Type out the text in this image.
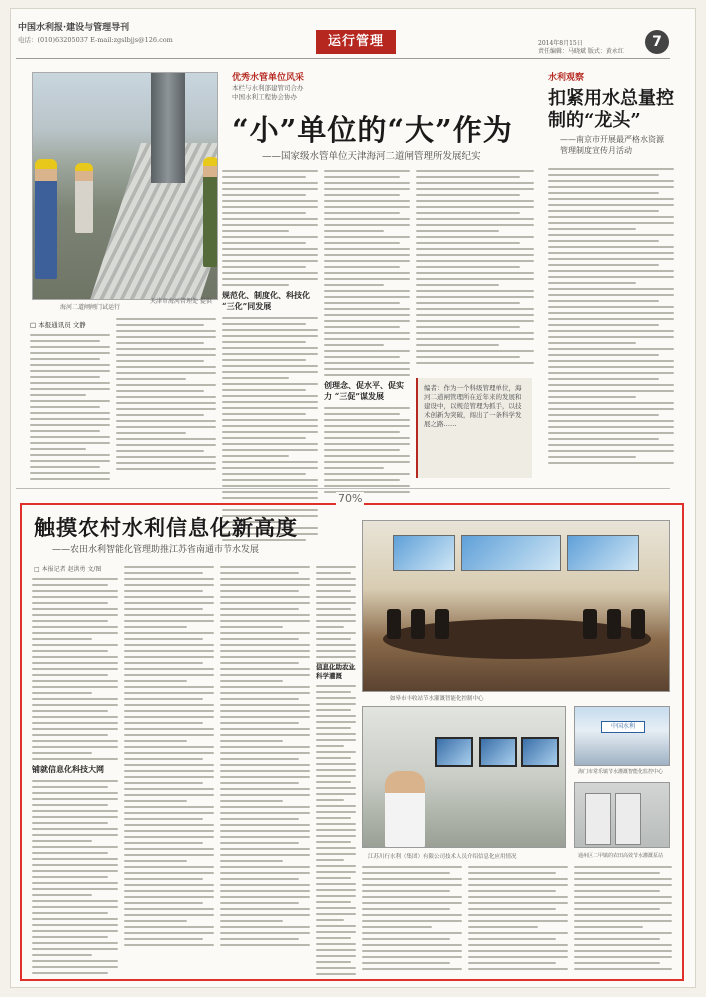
中国水利报·建设与管理导刊
电话：(010)63205037 E-mail:zgslbjjs@126.com	运行管理	2014年8月15日
责任编辑：马晓斌 版式：黄永红
7
海河二道闸闸门试运行
天津市海河管理处 提供
优秀水管单位风采
本栏与水利部建管司合办
中国水利工程协会协办
“小”单位的“大”作为
——国家级水管单位天津海河二道闸管理所发展纪实
□ 本报通讯员 文静
规范化、制度化、科技化 “三化”同发展
创理念、促水平、促实力 “三促”谋发展
编者：作为一个科级管理单位，海河二道闸管理所在近年来的发展和建设中，以规范管理为抓手，以技术创新为突破，闯出了一条科学发展之路……
水利观察
扣紧用水总量控制的“龙头”
——南京市开展最严格水资源管理制度宣传月活动
70%
触摸农村水利信息化新高度
——农田水利智能化管理助推江苏省南通市节水发展
□ 本报记者 赵洪勇 文/图
铺就信息化科技大网
信息化助农业科学灌溉
如皋市丰收站节水灌溉智能化控制中心
江苏川行水利（集团）有限公司技术人员介绍信息化应用情况
中国水利
海门市常乐镇节水灌溉智能化监控中心
通州区二甲镇的农田高效节水灌溉泵站
